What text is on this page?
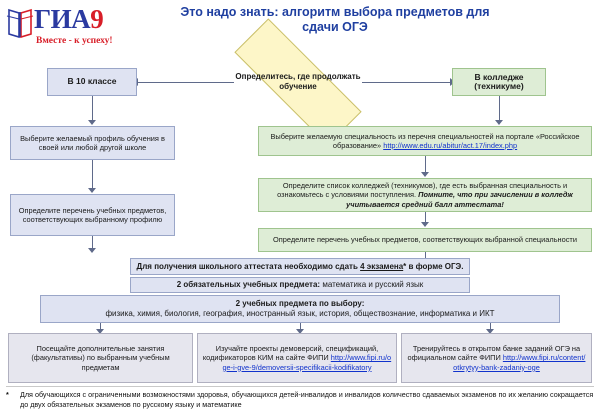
ГИА9
Вместе - к успеху!
Это надо знать: алгоритм выбора предметов для сдачи ОГЭ
Определитесь, где продолжать обучение
В 10 классе
Выберите желаемый профиль обучения в своей или любой другой школе
Определите перечень учебных предметов, соответствующих выбранному профилю
В колледже (техникуме)
Выберите желаемую специальность из перечня специальностей на портале «Российское образование» http://www.edu.ru/abitur/act.17/index.php
Определите список колледжей (техникумов), где есть выбранная специальность и ознакомьтесь с условиями поступления. Помните, что при зачислении в колледж учитывается средний балл аттестата!
Определите перечень учебных предметов, соответствующих выбранной специальности
Для получения школьного аттестата необходимо сдать 4 экзамена* в форме ОГЭ.
2 обязательных учебных предмета: математика и русский язык
2 учебных предмета по выбору:
физика, химия, биология, география, иностранный язык, история, обществознание, информатика и ИКТ
Посещайте дополнительные занятия (факультативы) по выбранным учебным предметам
Изучайте проекты демоверсий, спецификаций, кодификаторов КИМ на сайте ФИПИ http://www.fipi.ru/oge-i-gve-9/demoversii-specifikacii-kodifikatory
Тренируйтесь в открытом банке заданий ОГЭ на официальном сайте ФИПИ http://www.fipi.ru/content/otkrytyy-bank-zadaniy-oge
* Для обучающихся с ограниченными возможностями здоровья, обучающихся детей-инвалидов и инвалидов количество сдаваемых экзаменов по их желанию сокращается до двух обязательных экзаменов по русскому языку и математике
